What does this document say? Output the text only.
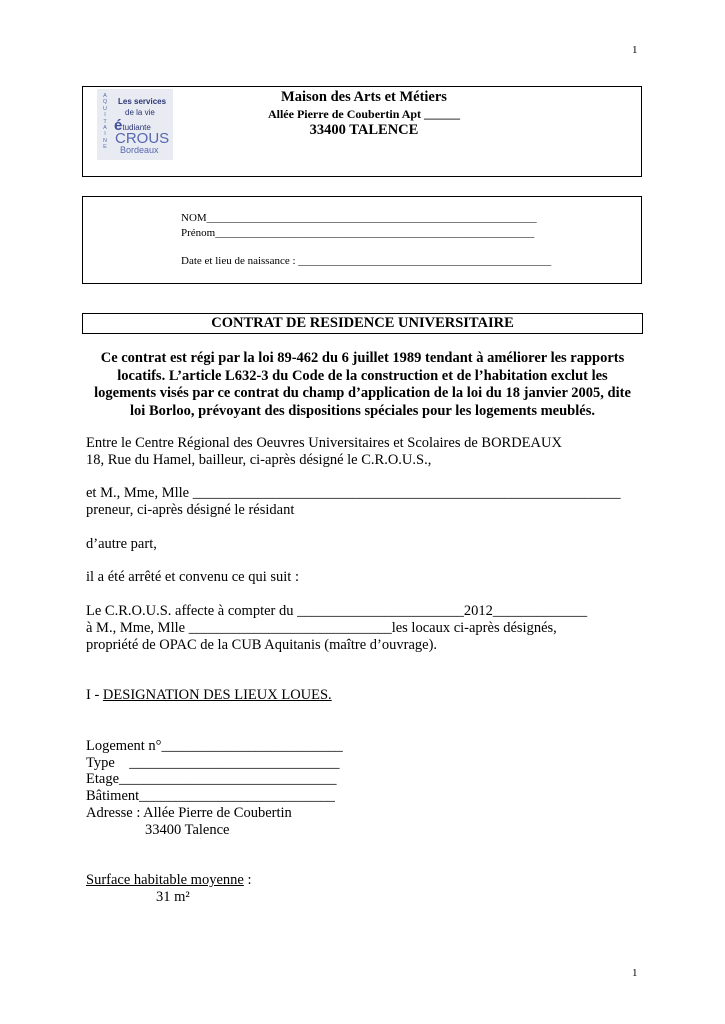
1
A
Q
U
I
T
A
I
N
E
Les services
de la vie
étudiante
CROUS
Bordeaux
Maison des Arts et Métiers
Allée Pierre de Coubertin Apt ______
33400 TALENCE
NOM____________________________________________________________
Prénom__________________________________________________________
Date et lieu de naissance : ______________________________________________
CONTRAT DE RESIDENCE UNIVERSITAIRE
Ce contrat est régi par la loi 89-462 du 6 juillet 1989 tendant à améliorer les rapports
locatifs. L’article L632-3 du Code de la construction et de l’habitation exclut les
logements visés par ce contrat du champ d’application de la loi du 18 janvier 2005, dite
loi Borloo, prévoyant des dispositions spéciales pour les logements meublés.
Entre le Centre Régional des Oeuvres Universitaires et Scolaires de BORDEAUX
18, Rue du Hamel, bailleur, ci-après désigné le C.R.O.U.S.,
et M., Mme, Mlle ___________________________________________________________
preneur, ci-après désigné le résidant
d’autre part,
il a été arrêté et convenu ce qui suit :
Le C.R.O.U.S. affecte à compter du _______________________2012_____________
à M., Mme, Mlle ____________________________les locaux ci-après désignés,
propriété de OPAC de la CUB Aquitanis (maître d’ouvrage).
I - DESIGNATION DES LIEUX LOUES.
Logement n°_________________________
Type    _____________________________
Etage______________________________
Bâtiment___________________________
Adresse : Allée Pierre de Coubertin
33400 Talence
Surface habitable moyenne :
31 m²
1
